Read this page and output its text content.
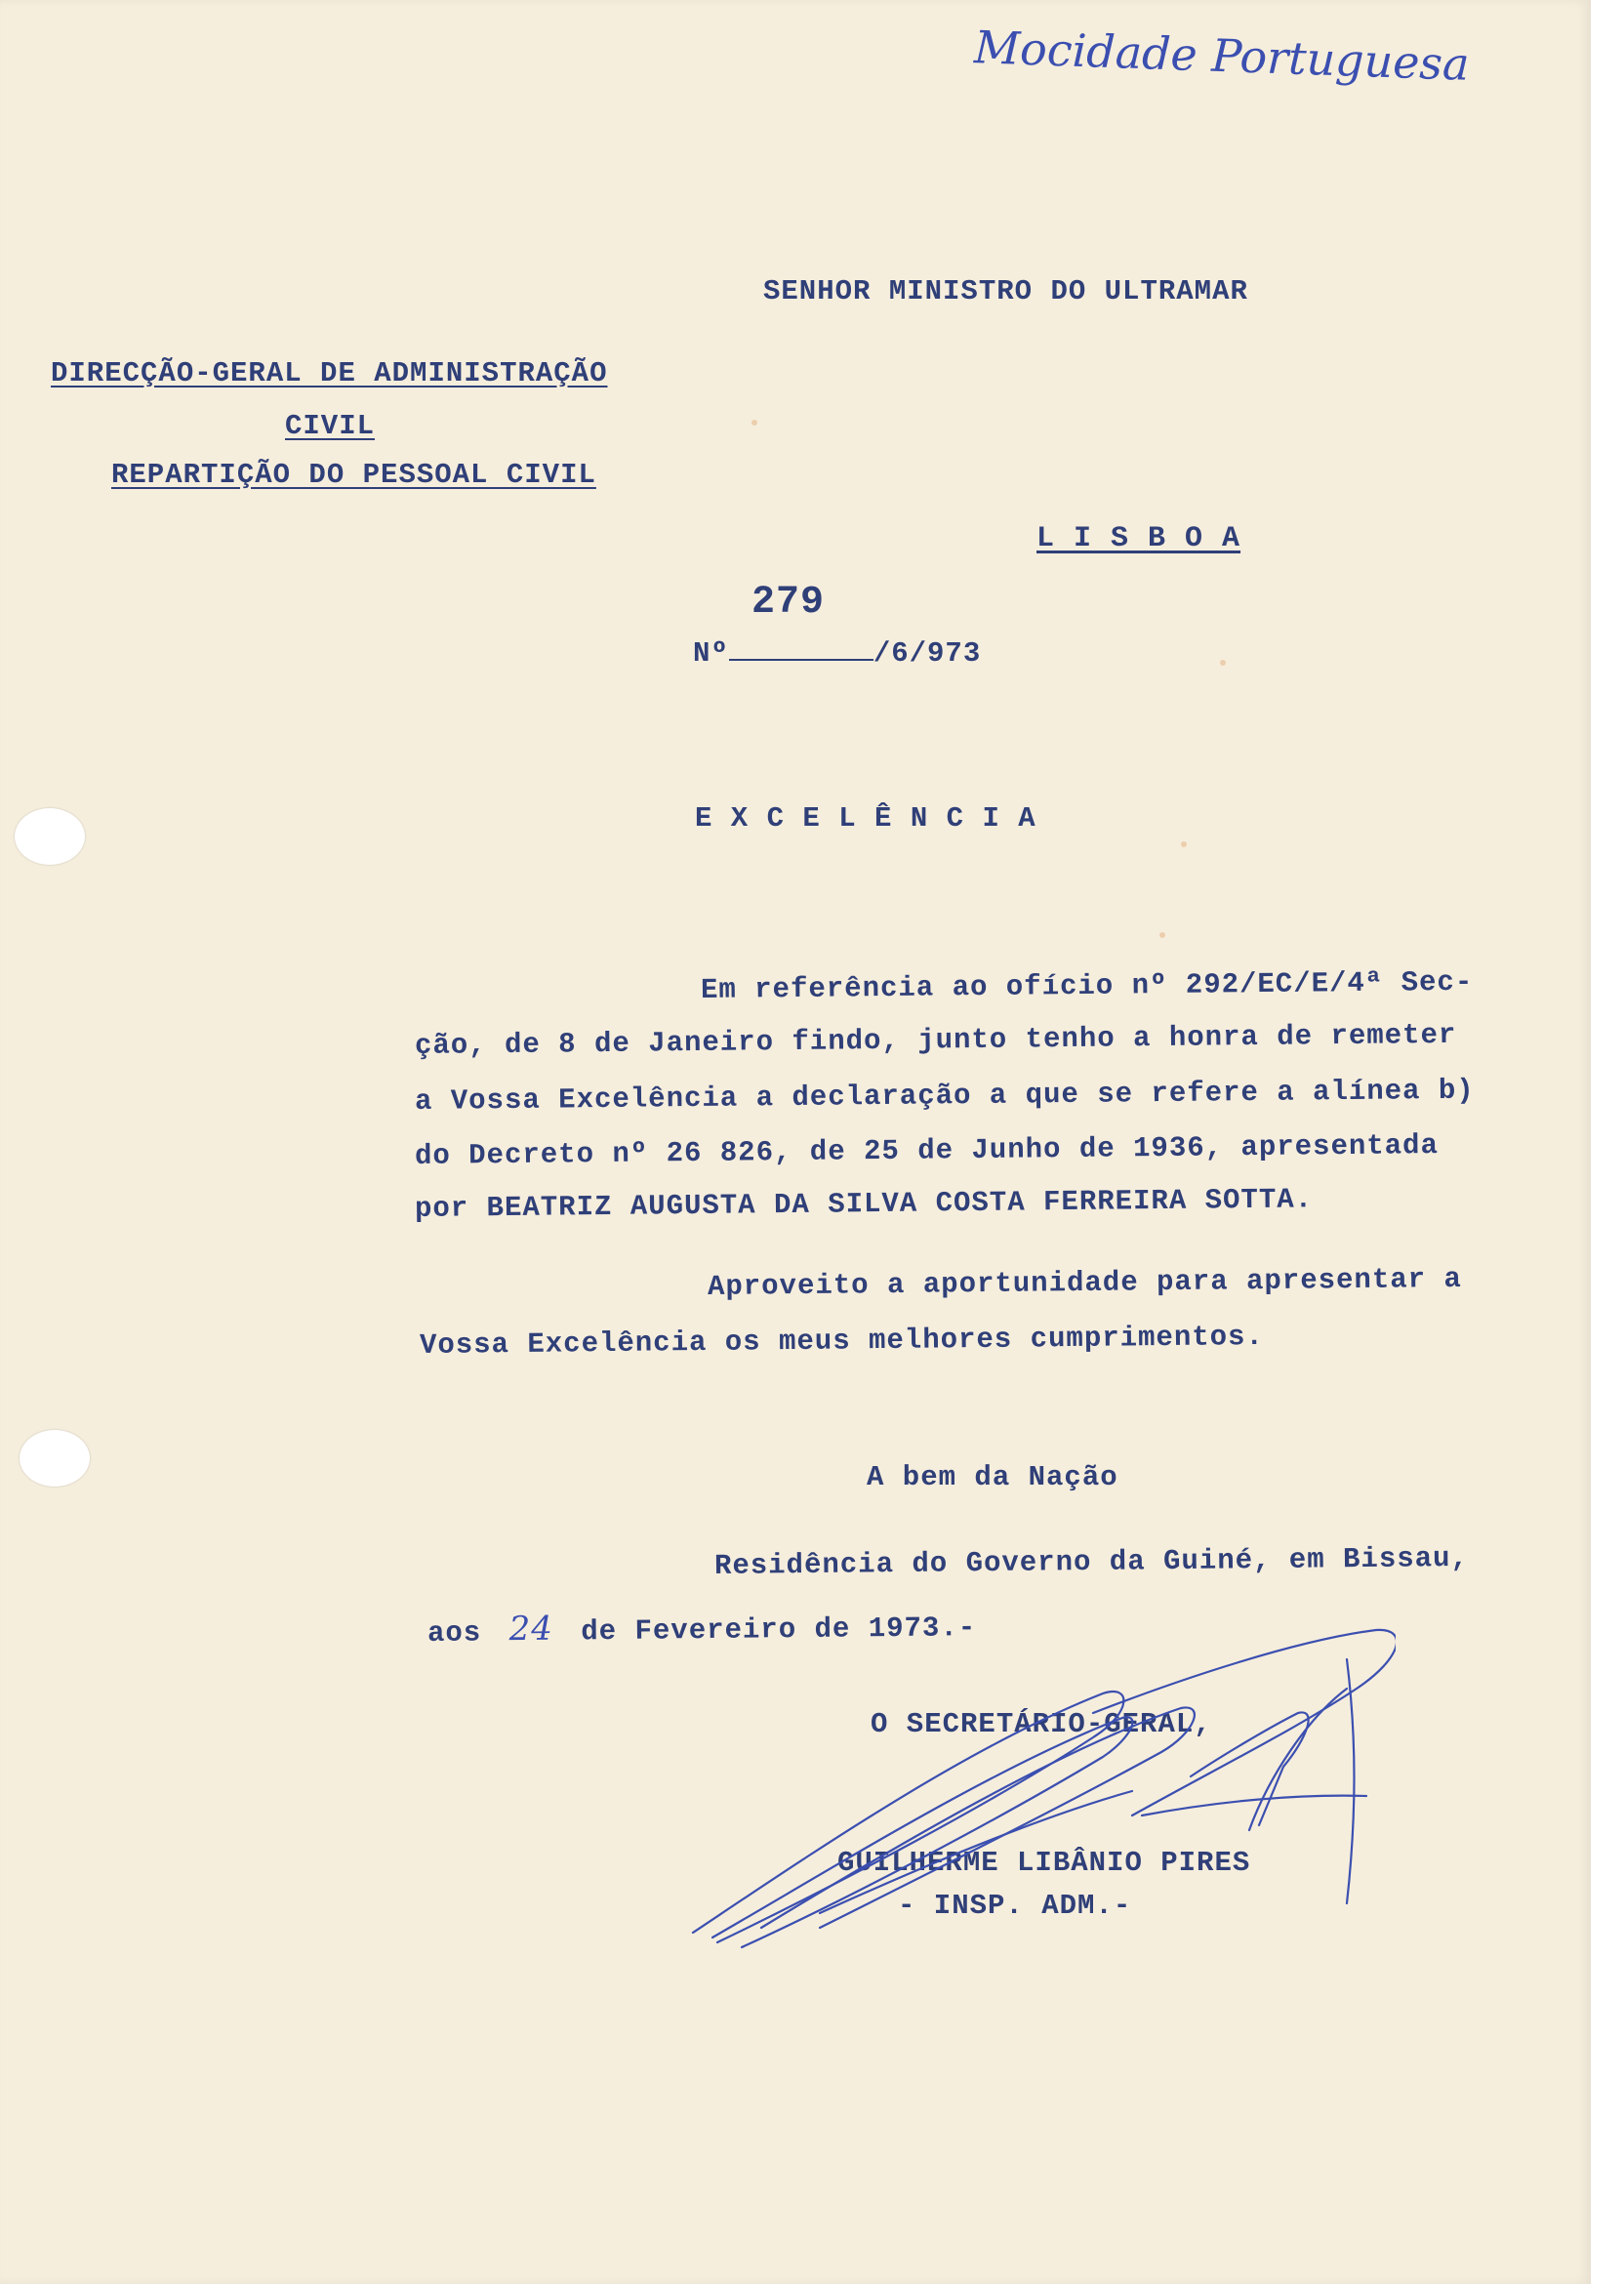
Mocidade Portuguesa
SENHOR MINISTRO DO ULTRAMAR
DIRECÇÃO-GERAL DE ADMINISTRAÇÃO
CIVIL
REPARTIÇÃO DO PESSOAL CIVIL
L I S B O A
279
Nº	/6/973
E X C E L Ê N C I A
Em referência ao ofício nº 292/EC/E/4ª Sec-
ção, de 8 de Janeiro findo, junto tenho a honra de remeter
a Vossa Excelência a declaração a que se refere a alínea b)
do Decreto nº 26 826, de 25 de Junho de 1936, apresentada
por BEATRIZ AUGUSTA DA SILVA COSTA FERREIRA SOTTA.
Aproveito a aportunidade para apresentar a
Vossa Excelência os meus melhores cumprimentos.
A bem da Nação
Residência do Governo da Guiné, em Bissau,
aos 24 de Fevereiro de 1973.-
O SECRETÁRIO-GERAL,
GUILHERME LIBÂNIO PIRES
- INSP. ADM.-
